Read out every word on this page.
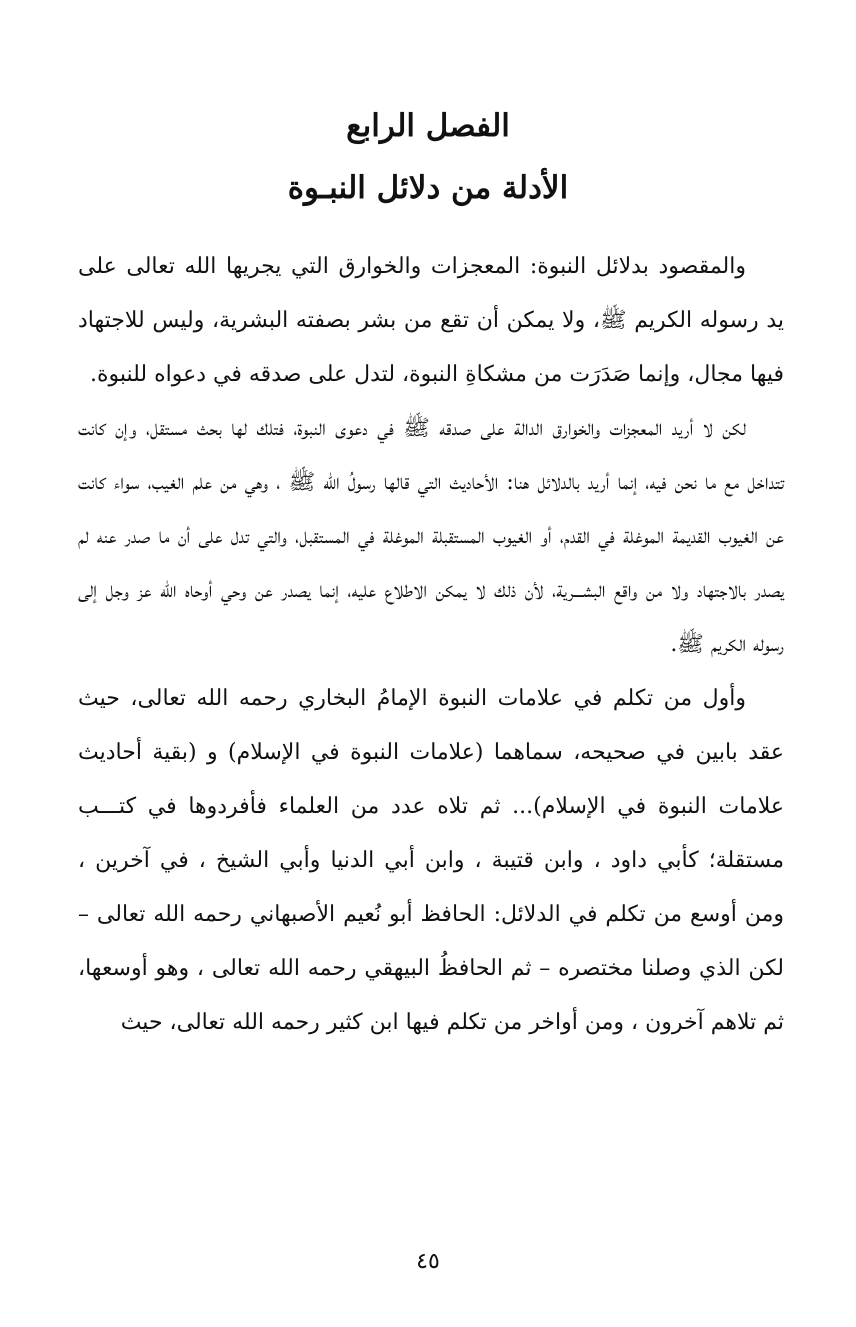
الفصل الرابع
الأدلة من دلائل النبـوة

والمقصود بدلائل النبوة: المعجزات والخوارق التي يجريها الله تعالى على يد رسوله الكريم ﷺ، ولا يمكن أن تقع من بشر بصفته البشرية، وليس للاجتهاد فيها مجال، وإنما صَدَرَت من مشكاةِ النبوة، لتدل على صدقه في دعواه للنبوة.

لكن لا أريد المعجزات والخوارق الدالة على صدقه ﷺ في دعوى النبوة، فتلك لها بحث مستقل، وإن كانت تتداخل مع ما نحن فيه، إنما أريد بالدلائل هنا: الأحاديث التي قالها رسولُ الله ﷺ ، وهي من علم الغيب، سواء كانت عن الغيوب القديمة الموغلة في القدم، أو الغيوب المستقبلة الموغلة في المستقبل، والتي تدل على أن ما صدر عنه لم يصدر بالاجتهاد ولا من واقع البشـــرية، لأن ذلك لا يمكن الاطلاع عليه، إنما يصدر عن وحي أوحاه الله عز وجل إلى رسوله الكريم ﷺ.

وأول من تكلم في علامات النبوة الإمامُ البخاري رحمه الله تعالى، حيث عقد بابين في صحيحه، سماهما (علامات النبوة في الإسلام) و (بقية أحاديث علامات النبوة في الإسلام)... ثم تلاه عدد من العلماء فأفردوها في كتـــب مستقلة؛ كأبي داود ، وابن قتيبة ، وابن أبي الدنيا وأبي الشيخ ، في آخرين ، ومن أوسع من تكلم في الدلائل: الحافظ أبو نُعيم الأصبهاني رحمه الله تعالى – لكن الذي وصلنا مختصره – ثم الحافظُ البيهقي رحمه الله تعالى ، وهو أوسعها، ثم تلاهم آخرون ، ومن أواخر من تكلم فيها ابن كثير رحمه الله تعالى، حيث

٤٥
